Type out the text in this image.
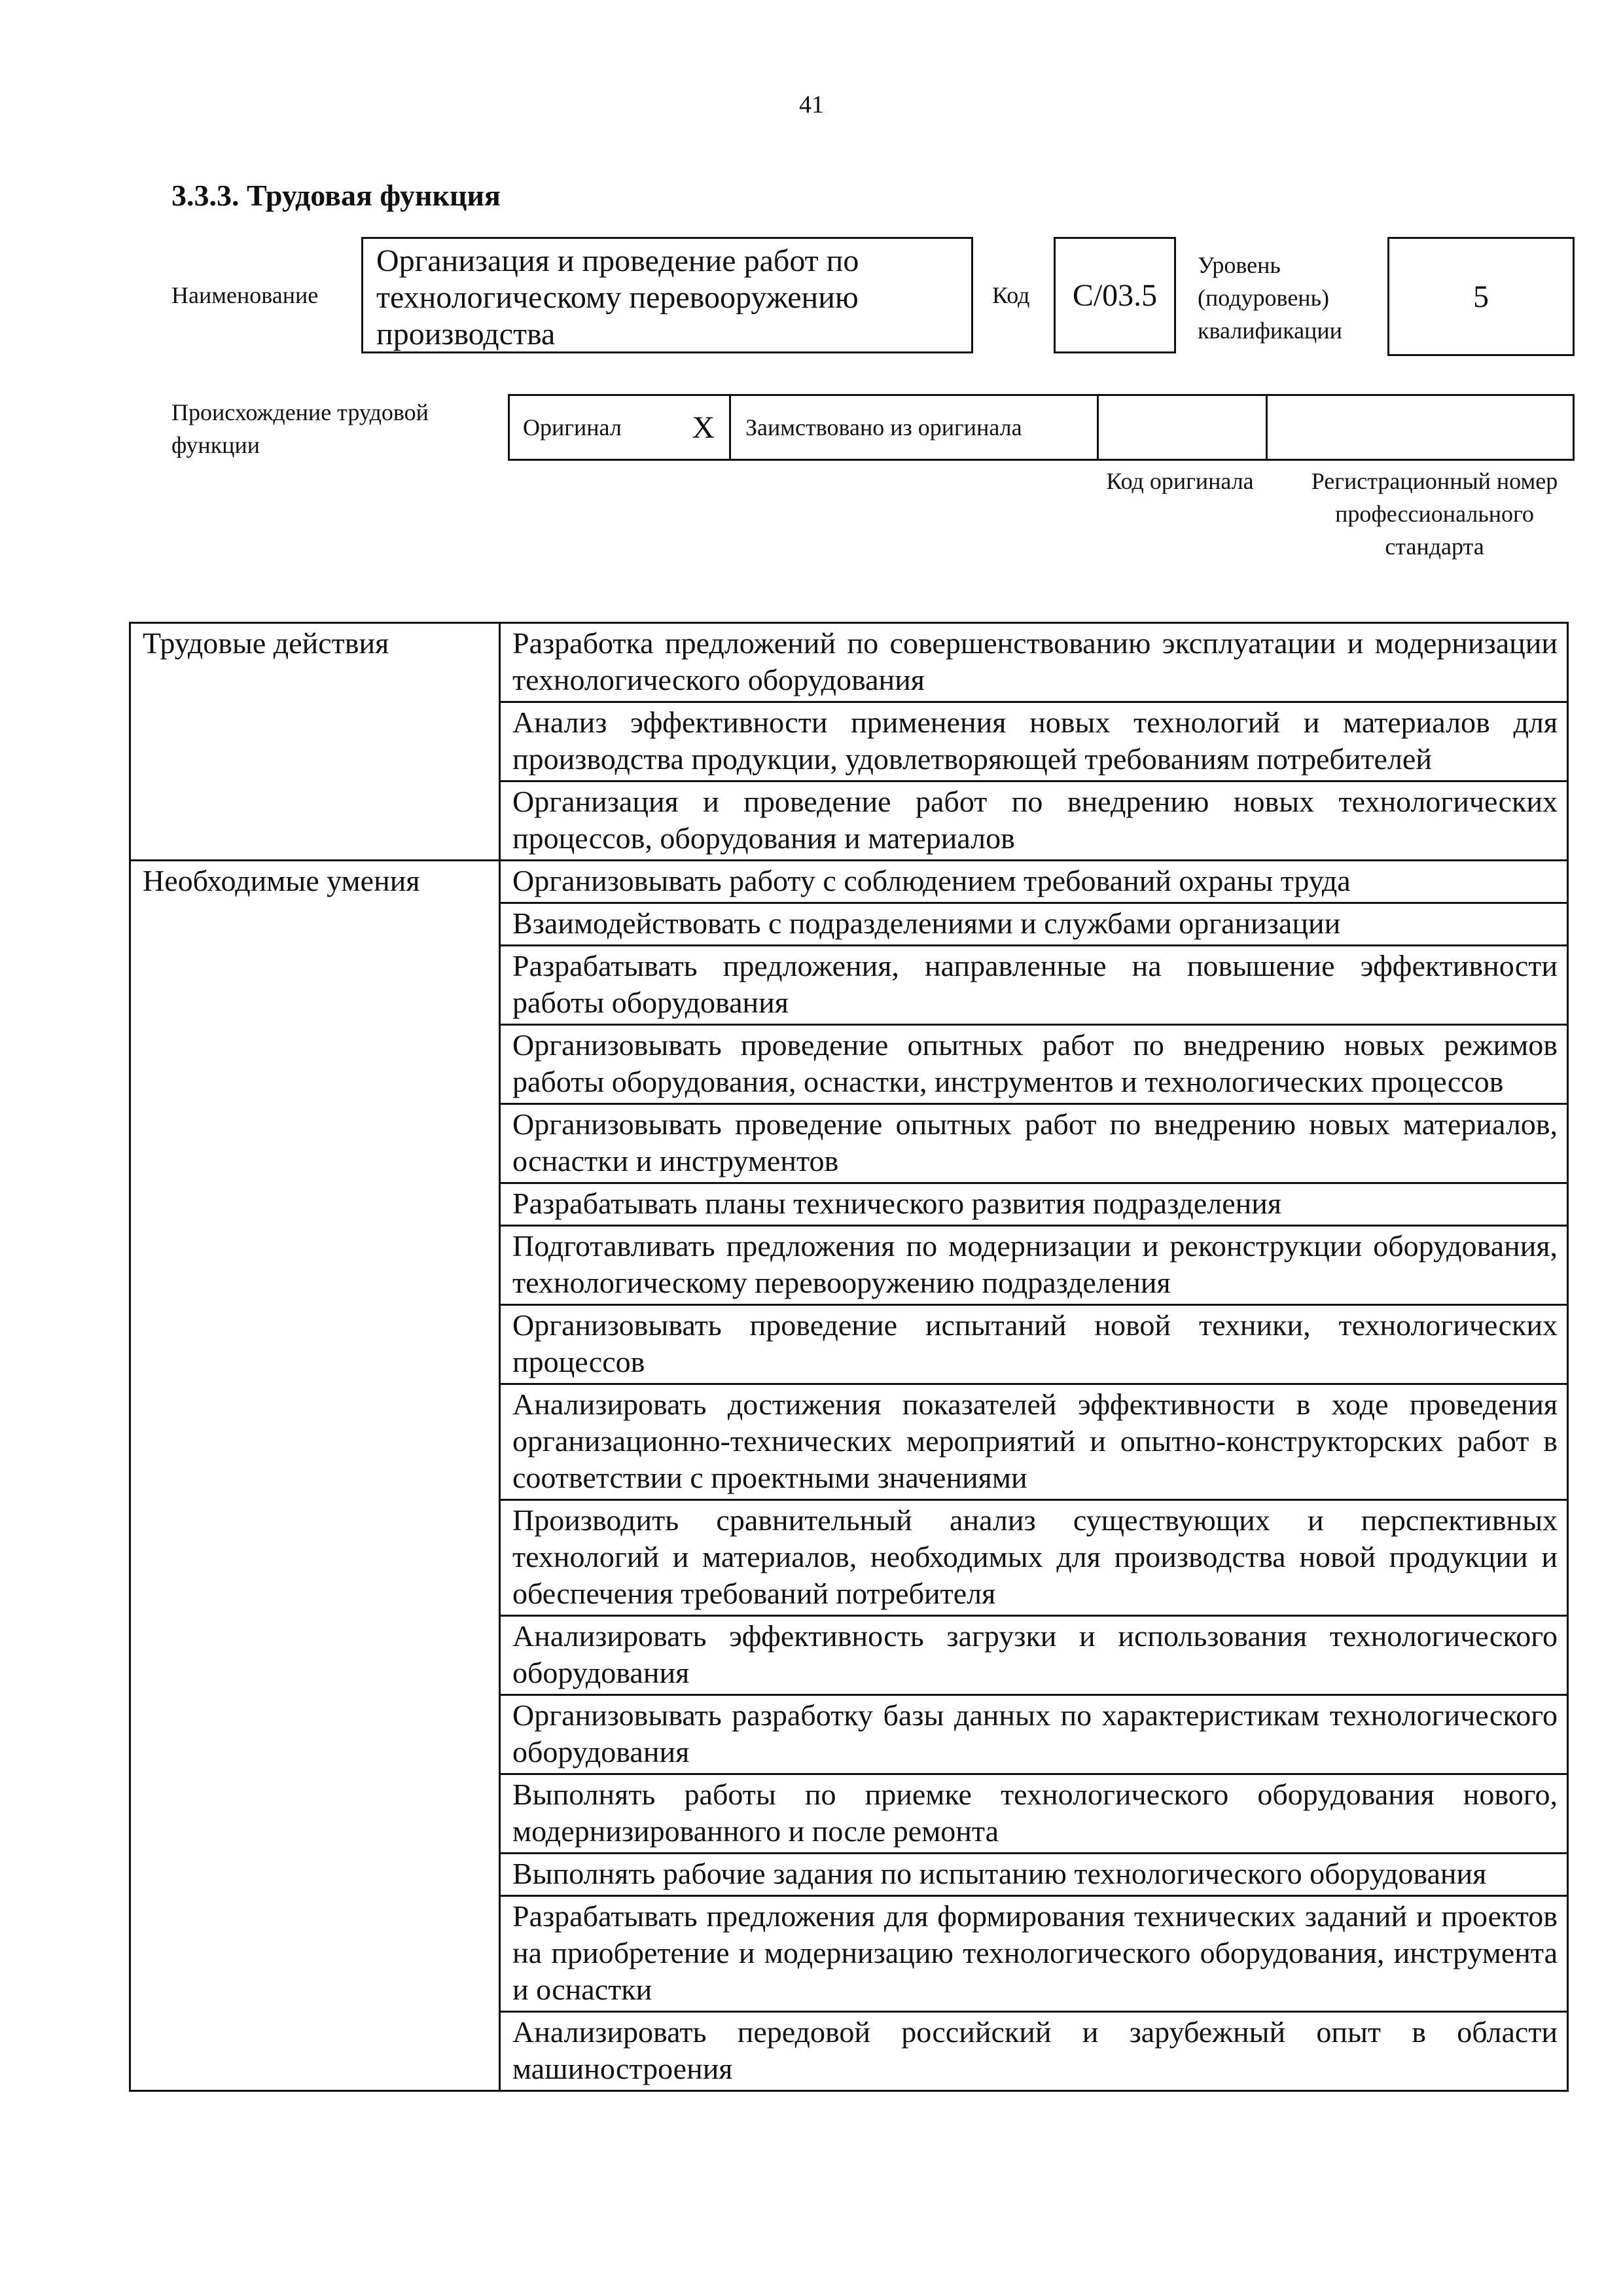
41
3.3.3. Трудовая функция
Наименование
Организация и проведение работ по технологическому перевооружению производства
Код	C/03.5
Уровень (подуровень) квалификации
5
Происхождение трудовой функции
Оригинал X Заимствовано из оригинала
Код оригинала	Регистрационный номер профессионального стандарта
Трудовые действия	Разработка предложений по совершенствованию эксплуатации и модернизации технологического оборудования
	Анализ эффективности применения новых технологий и материалов для производства продукции, удовлетворяющей требованиям потребителей
	Организация и проведение работ по внедрению новых технологических процессов, оборудования и материалов
Необходимые умения	Организовывать работу с соблюдением требований охраны труда
	Взаимодействовать с подразделениями и службами организации
	Разрабатывать предложения, направленные на повышение эффективности работы оборудования
	Организовывать проведение опытных работ по внедрению новых режимов работы оборудования, оснастки, инструментов и технологических процессов
	Организовывать проведение опытных работ по внедрению новых материалов, оснастки и инструментов
	Разрабатывать планы технического развития подразделения
	Подготавливать предложения по модернизации и реконструкции оборудования, технологическому перевооружению подразделения
	Организовывать проведение испытаний новой техники, технологических процессов
	Анализировать достижения показателей эффективности в ходе проведения организационно-технических мероприятий и опытно-конструкторских работ в соответствии с проектными значениями
	Производить сравнительный анализ существующих и перспективных технологий и материалов, необходимых для производства новой продукции и обеспечения требований потребителя
	Анализировать эффективность загрузки и использования технологического оборудования
	Организовывать разработку базы данных по характеристикам технологического оборудования
	Выполнять работы по приемке технологического оборудования нового, модернизированного и после ремонта
	Выполнять рабочие задания по испытанию технологического оборудования
	Разрабатывать предложения для формирования технических заданий и проектов на приобретение и модернизацию технологического оборудования, инструмента и оснастки
	Анализировать передовой российский и зарубежный опыт в области машиностроения
